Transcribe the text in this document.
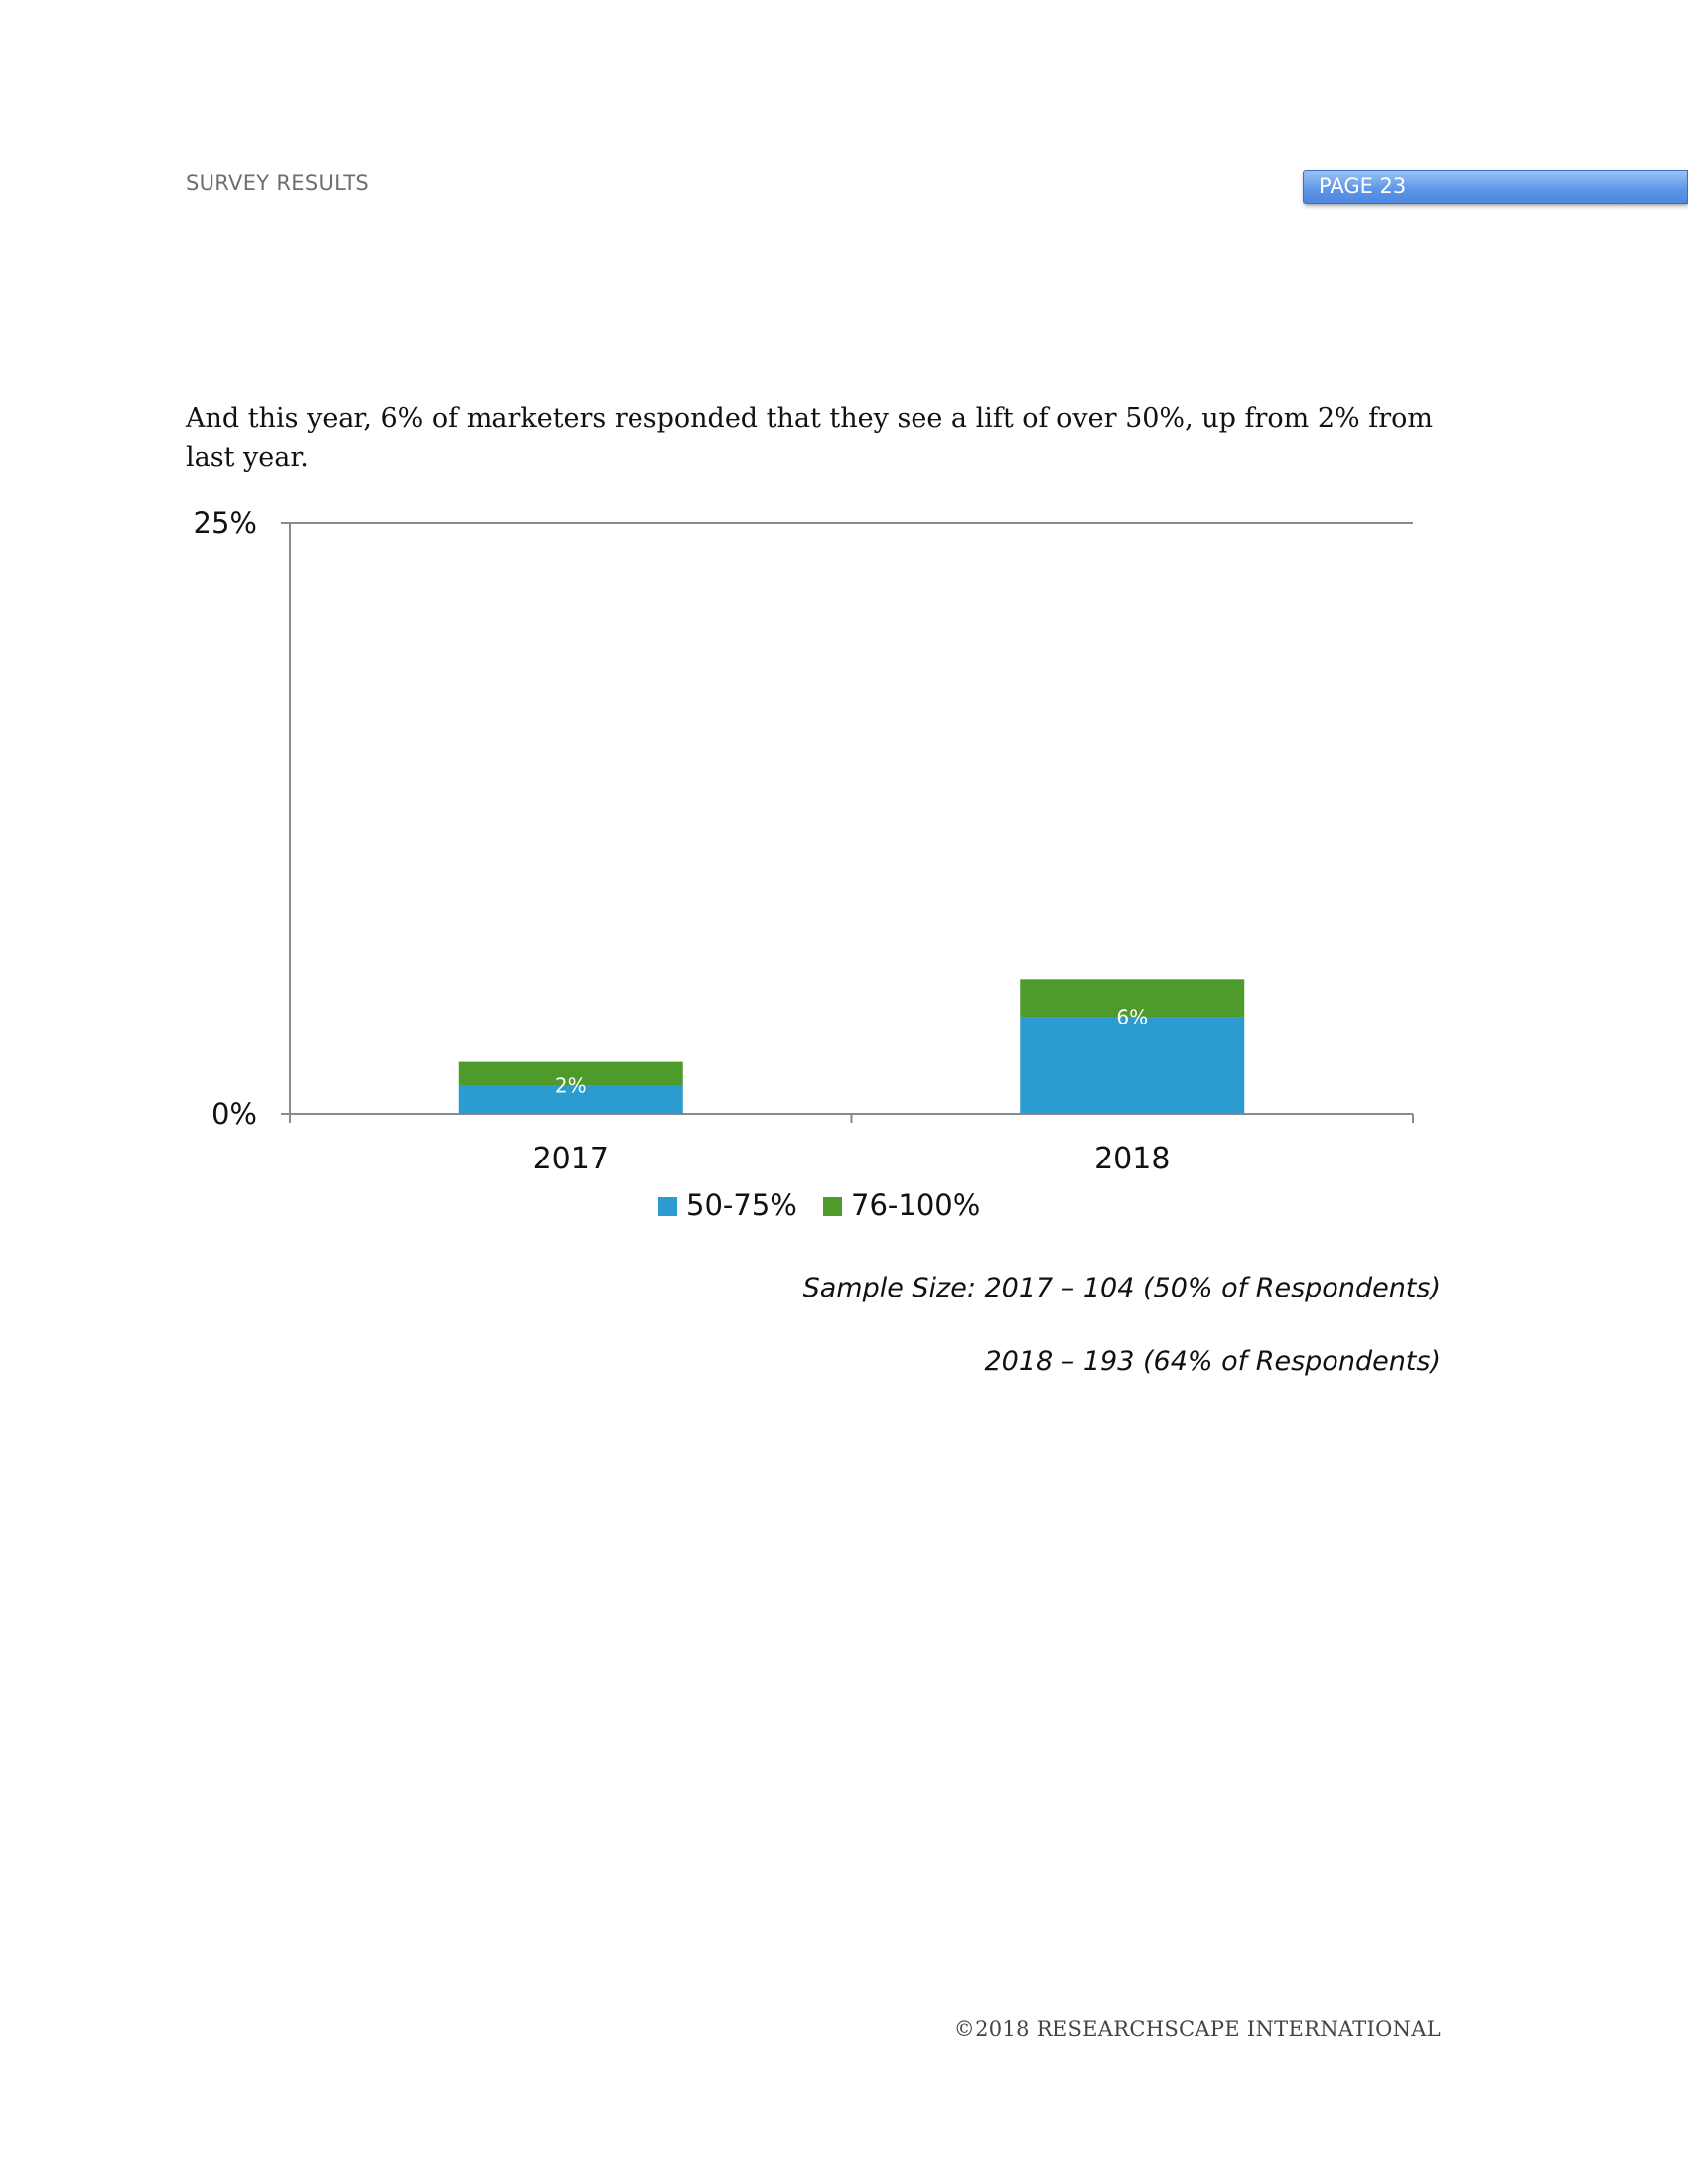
SURVEY RESULTS	PAGE 23
And this year, 6% of marketers responded that they see a lift of over 50%, up from 2% from last year.
0%
25%
2%
2017
6%
2018
50-75% 76-100%
Sample Size: 2017 – 104 (50% of Respondents)
2018 – 193 (64% of Respondents)
©2018 RESEARCHSCAPE INTERNATIONAL
